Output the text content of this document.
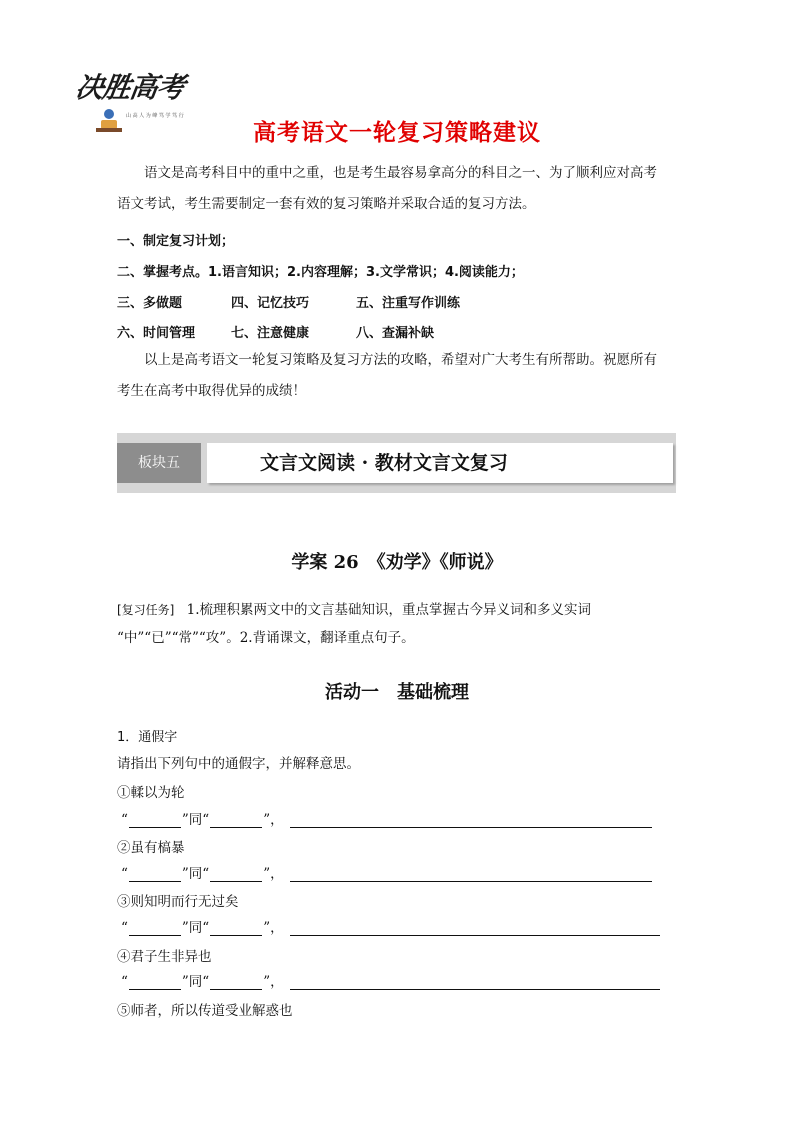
决胜高考
山 高 人 为 峰 笃 学 笃 行
高考语文一轮复习策略建议
语文是高考科目中的重中之重，也是考生最容易拿高分的科目之一、为了顺利应对高考
语文考试，考生需要制定一套有效的复习策略并采取合适的复习方法。
一、制定复习计划；
二、掌握考点。1.语言知识；2.内容理解；3.文学常识；4.阅读能力；
三、多做题	四、记忆技巧	五、注重写作训练
六、时间管理	七、注意健康	八、查漏补缺
以上是高考语文一轮复习策略及复习方法的攻略，希望对广大考生有所帮助。祝愿所有
考生在高考中取得优异的成绩！
板块五	文言文阅读 · 教材文言文复习
学案 26　《劝学》《师说》
[复习任务] 1.梳理积累两文中的文言基础知识，重点掌握古今异义词和多义实词
“中”“已”“常”“攻”。2.背诵课文，翻译重点句子。
活动一　基础梳理
1．通假字
请指出下列句中的通假字，并解释意思。
①輮以为轮
“	”同“	”，
②虽有槁暴
“	”同“	”，
③则知明而行无过矣
“	”同“	”，
④君子生非异也
“	”同“	”，
⑤师者，所以传道受业解惑也
